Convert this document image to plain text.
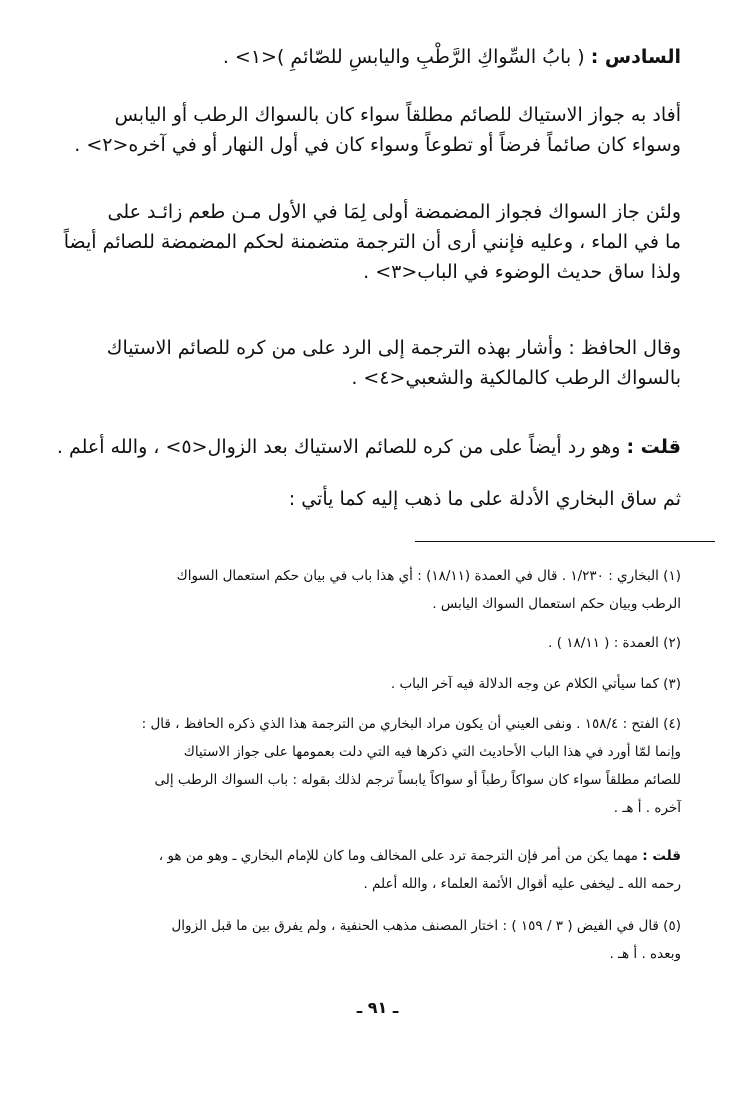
السادس : ( بابُ السِّواكِ الرَّطْبِ واليابسِ للصّائمِ )<١> .

أفاد به جواز الاستياك للصائم مطلقاً سواء كان بالسواك الرطب أو اليابس
وسواء كان صائماً فرضاً أو تطوعاً وسواء كان في أول النهار أو في آخره<٢> .

ولئن جاز السواك فجواز المضمضة أولى لِمَا في الأول مـن طعم زائـد على
ما في الماء ، وعليه فإنني أرى أن الترجمة متضمنة لحكم المضمضة للصائم أيضاً
ولذا ساق حديث الوضوء في الباب<٣> .

وقال الحافظ : وأشار بهذه الترجمة إلى الرد على من كره للصائم الاستياك
بالسواك الرطب كالمالكية والشعبي<٤> .

قلت : وهو رد أيضاً على من كره للصائم الاستياك بعد الزوال<٥> ، والله أعلم .

ثم ساق البخاري الأدلة على ما ذهب إليه كما يأتي :

(١) البخاري : ١/٢٣٠ . قال في العمدة (١٨/١١) : أي هذا باب في بيان حكم استعمال السواك
الرطب وبيان حكم استعمال السواك اليابس .

(٢) العمدة : ( ١٨/١١ ) .

(٣) كما سيأتي الكلام عن وجه الدلالة فيه آخر الباب .

(٤) الفتح : ١٥٨/٤ . ونفى العيني أن يكون مراد البخاري من الترجمة هذا الذي ذكره الحافظ ، قال :
وإنما لمّا أورد في هذا الباب الأحاديث التي ذكرها فيه التي دلت بعمومها على جواز الاستياك
للصائم مطلقاً سواء كان سواكاً رطباً أو سواكاً يابساً ترجم لذلك بقوله : باب السواك الرطب إلى
آخره . أ هـ .

قلت : مهما يكن من أمر فإن الترجمة ترد على المخالف وما كان للإمام البخاري ـ وهو من هو ،
رحمه الله ـ ليخفى عليه أقوال الأئمة العلماء ، والله أعلم .

(٥) قال في الفيض ( ٣ / ١٥٩ ) : اختار المصنف مذهب الحنفية ، ولم يفرق بين ما قبل الزوال
وبعده . أ هـ .

ـ ٩١ ـ
